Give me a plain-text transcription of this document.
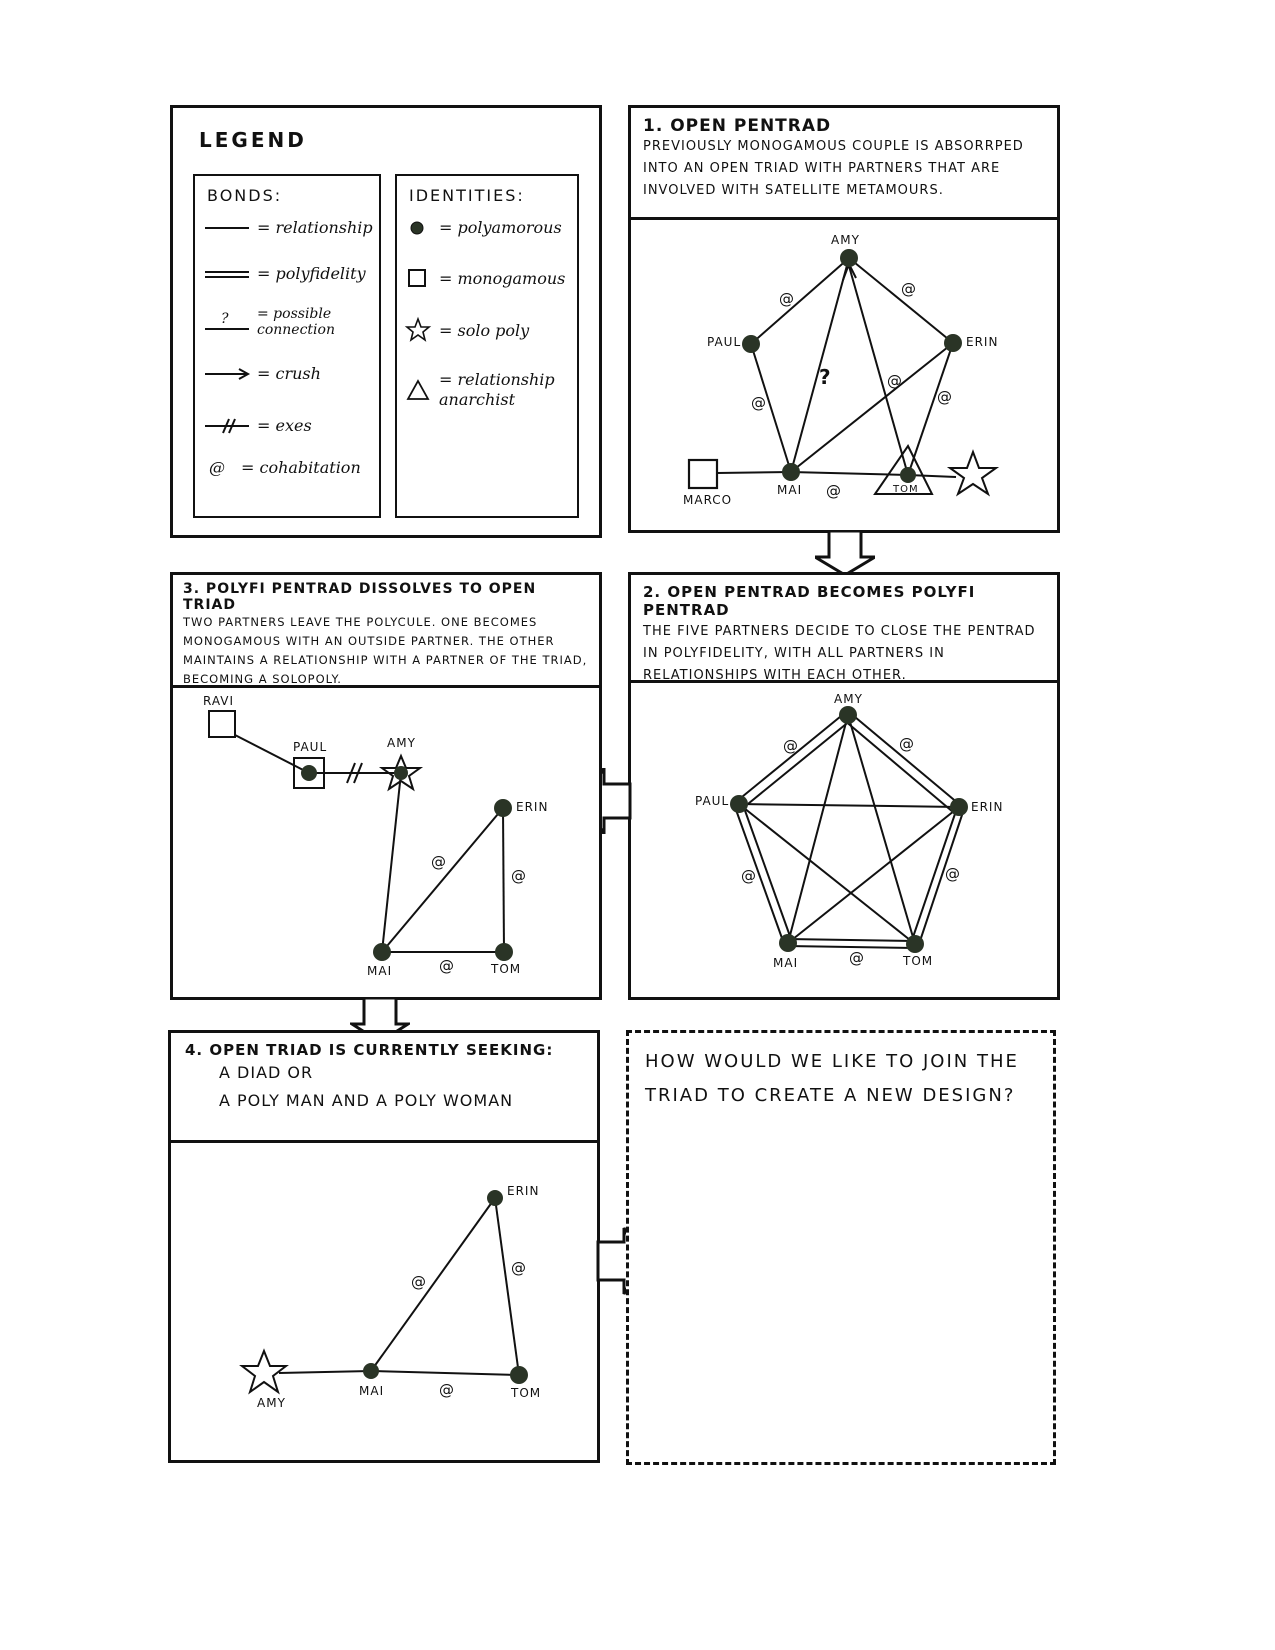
LEGEND
BONDS:
= relationship
= polyfidelity
? = possible connection
= crush
= exes
@ = cohabitation
IDENTITIES:
= polyamorous
= monogamous
= solo poly
= relationship anarchist
1. OPEN PENTRAD
PREVIOUSLY MONOGAMOUS COUPLE IS ABSORRPED INTO AN OPEN TRIAD WITH PARTNERS THAT ARE INVOLVED WITH SATELLITE METAMOURS.
AMY
PAUL	ERIN
MAI	TOM
MARCO
@
@
@
@
@
@
?
2. OPEN PENTRAD BECOMES POLYFI PENTRAD
THE FIVE PARTNERS DECIDE TO CLOSE THE PENTRAD IN POLYFIDELITY, WITH ALL PARTNERS IN RELATIONSHIPS WITH EACH OTHER.
AMY
PAUL	ERIN
MAI	TOM
@	@
@	@
@
3. POLYFI PENTRAD DISSOLVES TO OPEN TRIAD
TWO PARTNERS LEAVE THE POLYCULE. ONE BECOMES MONOGAMOUS WITH AN OUTSIDE PARTNER. THE OTHER MAINTAINS A RELATIONSHIP WITH A PARTNER OF THE TRIAD, BECOMING A SOLOPOLY.
RAVI
PAUL	AMY
ERIN
MAI	TOM
@
@
@
4. OPEN TRIAD IS CURRENTLY SEEKING:
A DIAD OR
A POLY MAN AND A POLY WOMAN
ERIN
AMY
MAI	TOM
@
@
@
HOW WOULD WE LIKE TO JOIN THE TRIAD TO CREATE A NEW DESIGN?
